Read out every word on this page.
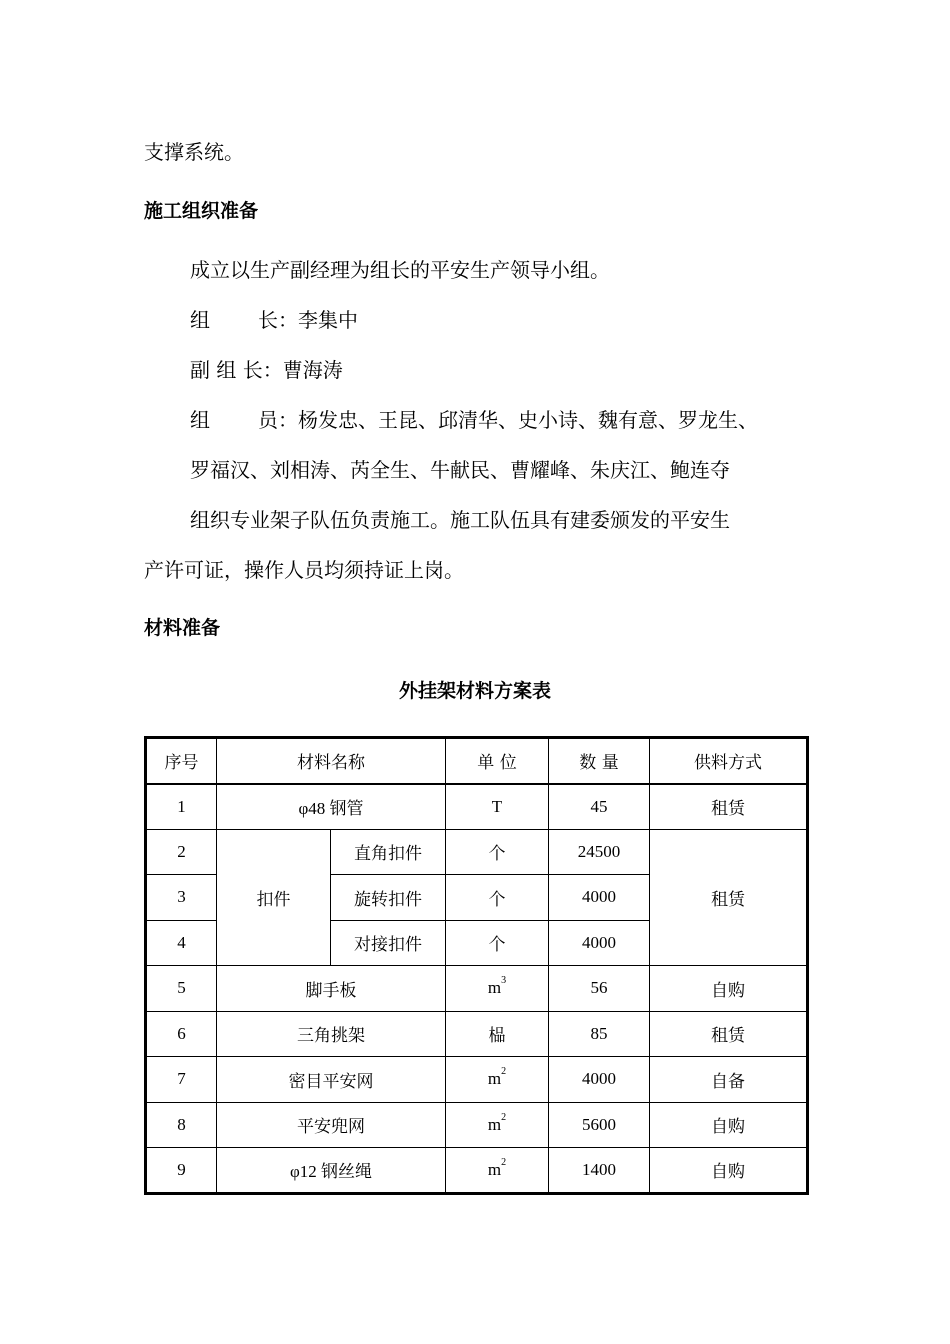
支撑系统。
施工组织准备
成立以生产副经理为组长的平安生产领导小组。
组 长：李集中
副 组 长：曹海涛
组 员：杨发忠、王昆、邱清华、史小诗、魏有意、罗龙生、
罗福汉、刘相涛、芮全生、牛献民、曹耀峰、朱庆江、鲍连夺
组织专业架子队伍负责施工。施工队伍具有建委颁发的平安生
产许可证，操作人员均须持证上岗。
材料准备
外挂架材料方案表
序号	材料名称		单 位	数 量	供料方式
1	φ48 钢管		T	45	租赁
2	扣件	直角扣件	个	24500	租赁
3		旋转扣件	个	4000	
4		对接扣件	个	4000	
5	脚手板		$m^3$	56	自购
6	三角挑架		榀	85	租赁
7	密目平安网		$m^2$	4000	自备
8	平安兜网		$m^2$	5600	自购
9	φ12 钢丝绳		$m^2$	1400	自购
